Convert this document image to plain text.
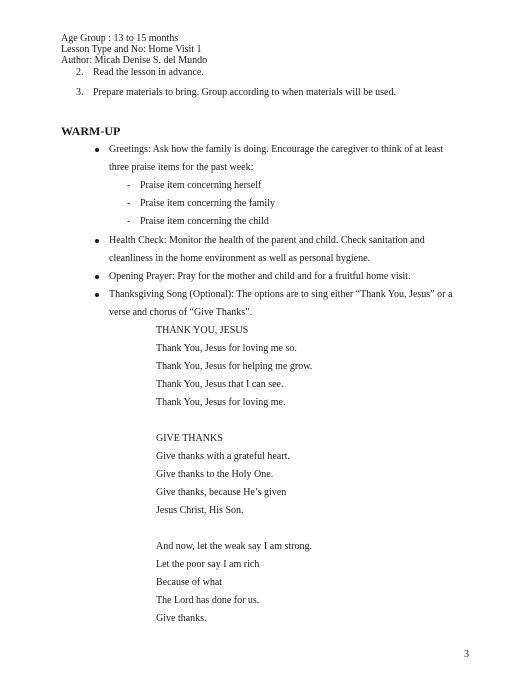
Age Group : 13 to 15 months
Lesson Type and No: Home Visit 1
Author: Micah Denise S. del Mundo
2. Read the lesson in advance.
3. Prepare materials to bring. Group according to when materials will be used.
WARM-UP
Greetings: Ask how the family is doing. Encourage the caregiver to think of at least
three praise items for the past week:
- Praise item concerning herself
- Praise item concerning the family
- Praise item concerning the child
Health Check: Monitor the health of the parent and child. Check sanitation and
cleanliness in the home environment as well as personal hygiene.
Opening Prayer: Pray for the mother and child and for a fruitful home visit.
Thanksgiving Song (Optional): The options are to sing either “Thank You, Jesus” or a
verse and chorus of “Give Thanks”.
THANK YOU, JESUS
Thank You, Jesus for loving me so.
Thank You, Jesus for helping me grow.
Thank You, Jesus that I can see.
Thank You, Jesus for loving me.
GIVE THANKS
Give thanks with a grateful heart.
Give thanks to the Holy One.
Give thanks, because He’s given
Jesus Christ, His Son.
And now, let the weak say I am strong.
Let the poor say I am rich
Because of what
The Lord has done for us.
Give thanks.
3
